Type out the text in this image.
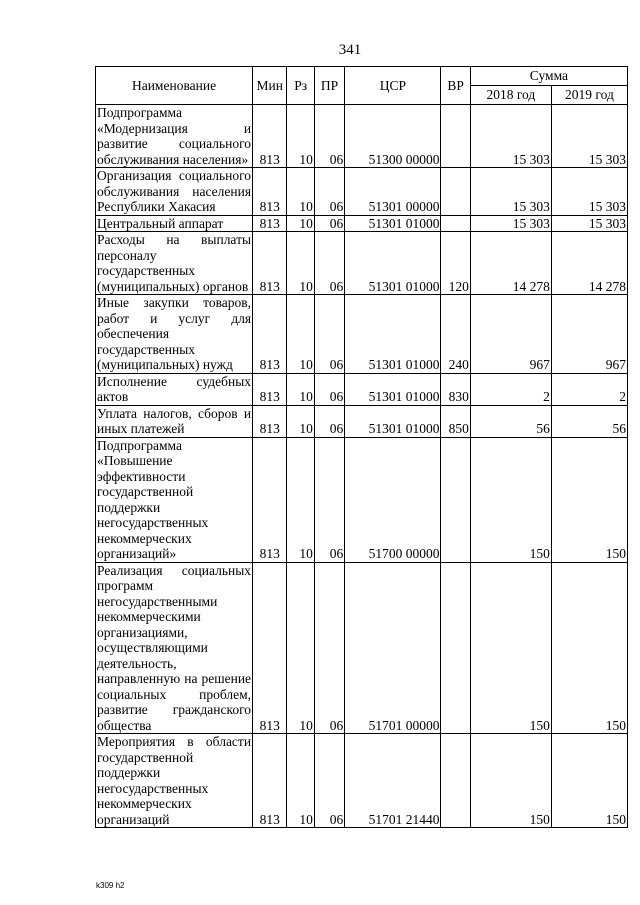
341
Наименование	Мин	Рз	ПР	ЦСР	ВР	Сумма	
						2018 год	2019 год
Подпрограмма «Модернизация и развитие социального обслуживания населения»	813	10	06	51300 00000		15 303	15 303
Организация социального обслуживания населения Республики Хакасия	813	10	06	51301 00000		15 303	15 303
Центральный аппарат	813	10	06	51301 01000		15 303	15 303
Расходы на выплаты персоналу государственных (муниципальных) органов	813	10	06	51301 01000	120	14 278	14 278
Иные закупки товаров, работ и услуг для обеспечения государственных (муниципальных) нужд	813	10	06	51301 01000	240	967	967
Исполнение судебных актов	813	10	06	51301 01000	830	2	2
Уплата налогов, сборов и иных платежей	813	10	06	51301 01000	850	56	56
Подпрограмма «Повышение эффективности государственной поддержки негосударственных некоммерческих организаций»	813	10	06	51700 00000		150	150
Реализация социальных программ негосударственными некоммерческими организациями, осуществляющими деятельность, направленную на решение социальных проблем, развитие гражданского общества	813	10	06	51701 00000		150	150
Мероприятия в области государственной поддержки негосударственных некоммерческих организаций	813	10	06	51701 21440		150	150
k309 h2
